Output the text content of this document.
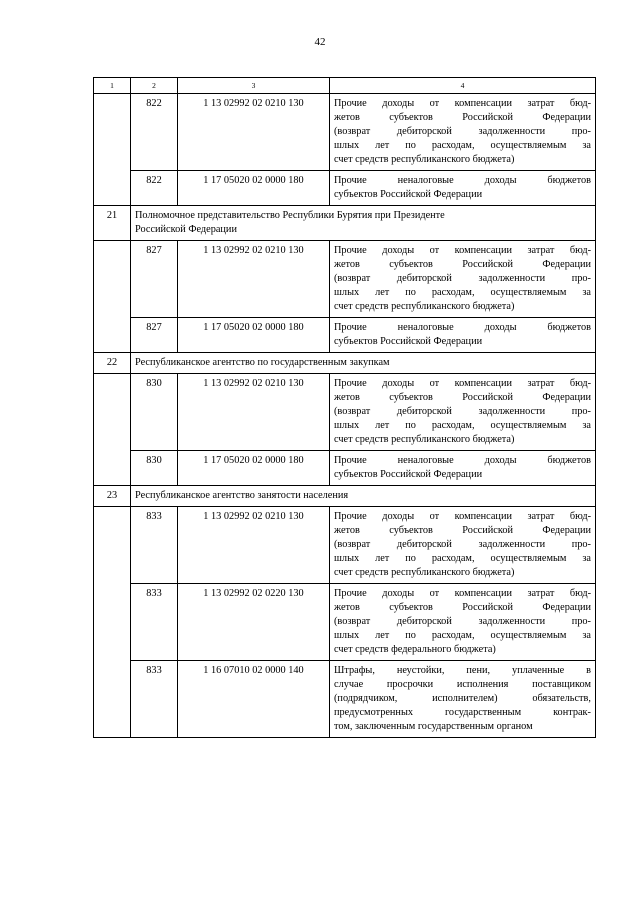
42
1	2	3	4
	822	1 13 02992 02 0210 130	Прочие доходы от компенсации затрат бюд-
жетов субъектов Российской Федерации
(возврат дебиторской задолженности про-
шлых лет по расходам, осуществляемым за
счет средств республиканского бюджета)

	822	1 17 05020 02 0000 180	Прочие неналоговые доходы бюджетов
субъектов Российской Федерации

21	Полномочное представительство Республики Бурятия при Президенте
Российской Федерации		

	827	1 13 02992 02 0210 130	Прочие доходы от компенсации затрат бюд-
жетов субъектов Российской Федерации
(возврат дебиторской задолженности про-
шлых лет по расходам, осуществляемым за
счет средств республиканского бюджета)

	827	1 17 05020 02 0000 180	Прочие неналоговые доходы бюджетов
субъектов Российской Федерации

22	Республиканское агентство по государственным закупкам		

	830	1 13 02992 02 0210 130	Прочие доходы от компенсации затрат бюд-
жетов субъектов Российской Федерации
(возврат дебиторской задолженности про-
шлых лет по расходам, осуществляемым за
счет средств республиканского бюджета)

	830	1 17 05020 02 0000 180	Прочие неналоговые доходы бюджетов
субъектов Российской Федерации

23	Республиканское агентство занятости населения		

	833	1 13 02992 02 0210 130	Прочие доходы от компенсации затрат бюд-
жетов субъектов Российской Федерации
(возврат дебиторской задолженности про-
шлых лет по расходам, осуществляемым за
счет средств республиканского бюджета)

	833	1 13 02992 02 0220 130	Прочие доходы от компенсации затрат бюд-
жетов субъектов Российской Федерации
(возврат дебиторской задолженности про-
шлых лет по расходам, осуществляемым за
счет средств федерального бюджета)

	833	1 16 07010 02 0000 140	Штрафы, неустойки, пени, уплаченные в
случае просрочки исполнения поставщиком
(подрядчиком, исполнителем) обязательств,
предусмотренных государственным контрак-
том, заключенным государственным органом
